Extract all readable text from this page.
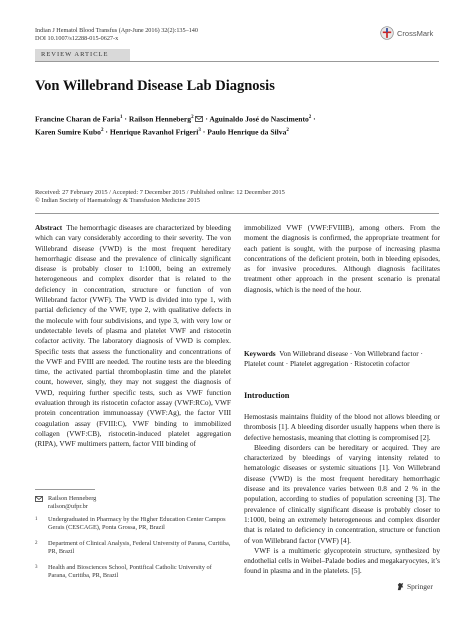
Indian J Hematol Blood Transfus (Apr-June 2016) 32(2):135–140
DOI 10.1007/s12288-015-0627-x
CrossMark
REVIEW ARTICLE
Von Willebrand Disease Lab Diagnosis
Francine Charan de Faria$^1$ · Railson Henneberg$^2$  · Aguinaldo José do Nascimento$^2$ ·
Karen Sumire Kubo$^2$ · Henrique Ravanhol Frigeri$^3$ · Paulo Henrique da Silva$^2$
Received: 27 February 2015 / Accepted: 7 December 2015 / Published online: 12 December 2015
© Indian Society of Haematology & Transfusion Medicine 2015

Abstract The hemorrhagic diseases are characterized by bleeding which can vary considerably according to their severity. The von Willebrand disease (VWD) is the most frequent hereditary hemorrhagic disease and the prevalence of clinically significant disease is probably closer to 1:1000, being an extremely heterogeneous and complex disorder that is related to the deficiency in concentration, structure or function of von Willebrand factor (VWF). The VWD is divided into type 1, with partial deficiency of the VWF, type 2, with qualitative defects in the molecule with four subdivisions, and type 3, with very low or undetectable levels of plasma and platelet VWF and ristocetin cofactor activity. The laboratory diagnosis of VWD is complex. Specific tests that assess the functionality and concentrations of the VWF and FVIII are needed. The routine tests are the bleeding time, the activated partial thromboplastin time and the platelet count, however, singly, they may not suggest the diagnosis of VWD, requiring further specific tests, such as VWF function evaluation through its ristocetin cofactor assay (VWF:RCo), VWF protein concentration immunoassay (VWF:Ag), the factor VIII coagulation assay (FVIII:C), VWF binding to immobilized collagen (VWF:CB), ristocetin-induced platelet aggregation (RIPA), VWF multimers pattern, factor VIII binding of

immobilized VWF (VWF:FVIIIB), among others. From the moment the diagnosis is confirmed, the appropriate treatment for each patient is sought, with the purpose of increasing plasma concentrations of the deficient protein, both in bleeding episodes, as for invasive procedures. Although diagnosis facilitates treatment other approach in the present scenario is prenatal diagnosis, which is the need of the hour.

Keywords Von Willebrand disease · Von Willebrand factor · Platelet count · Platelet aggregation · Ristocetin cofactor
Introduction

Hemostasis maintains fluidity of the blood not allows bleeding or thrombosis [1]. A bleeding disorder usually happens when there is defective hemostasis, meaning that clotting is compromised [2].

Bleeding disorders can be hereditary or acquired. They are characterized by bleedings of varying intensity related to hematologic diseases or systemic situations [1]. Von Willebrand disease (VWD) is the most frequent hereditary hemorrhagic disease and its prevalence varies between 0.8 and 2 % in the population, according to studies of population screening [3]. The prevalence of clinically significant disease is probably closer to 1:1000, being an extremely heterogeneous and complex disorder that is related to deficiency in concentration, structure or function of von Willebrand factor (VWF) [4].

VWF is a multimeric glycoprotein structure, synthesized by endothelial cells in Weibel–Palade bodies and megakaryocytes, it’s found in plasma and in the platelets. [5].

Railson Henneberg
railson@ufpr.br
1	Undergraduated in Pharmacy by the Higher Education Center Campos Gerais (CESCAGE), Ponta Grossa, PR, Brazil
2	Department of Clinical Analysis, Federal University of Parana, Curitiba, PR, Brazil
3	Health and Biosciences School, Pontifical Catholic University of Parana, Curitiba, PR, Brazil
Springer
